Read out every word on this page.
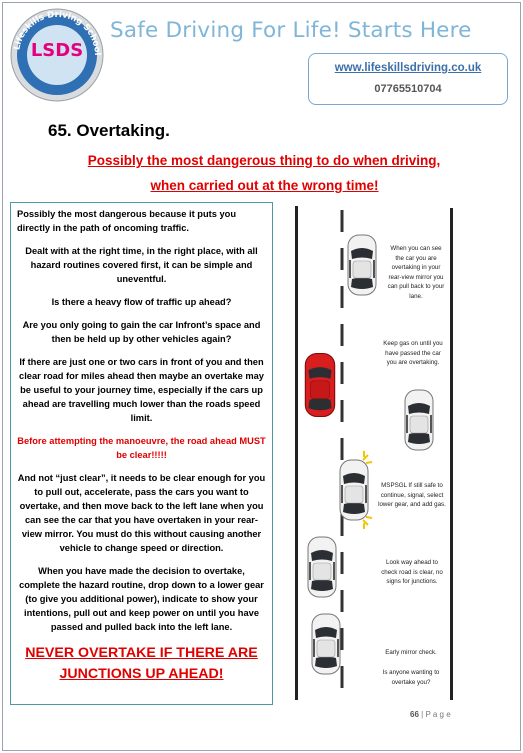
Lifeskills Driving School
LSDS
Safe Driving For Life! Starts Here
www.lifeskillsdriving.co.uk
07765510704
65. Overtaking.
Possibly the most dangerous thing to do when driving,
when carried out at the wrong time!

Possibly the most dangerous because it puts you directly in the path of oncoming traffic.

Dealt with at the right time, in the right place, with all hazard routines covered first, it can be simple and uneventful.

Is there a heavy flow of traffic up ahead?

Are you only going to gain the car Infront’s space and then be held up by other vehicles again?

If there are just one or two cars in front of you and then clear road for miles ahead then maybe an overtake may be useful to your journey time, especially if the cars up ahead are travelling much lower than the roads speed limit.

Before attempting the manoeuvre, the road ahead MUST be clear!!!!!

And not “just clear”, it needs to be clear enough for you to pull out, accelerate, pass the cars you want to overtake, and then move back to the left lane when you can see the car that you have overtaken in your rear-view mirror. You must do this without causing another vehicle to change speed or direction.

When you have made the decision to overtake, complete the hazard routine, drop down to a lower gear (to give you additional power), indicate to show your intentions, pull out and keep power on until you have passed and pulled back into the left lane.

NEVER OVERTAKE IF THERE ARE JUNCTIONS UP AHEAD!

When you can see the car you are overtaking in your rear-view mirror you can pull back to your lane.
Keep gas on until you have passed the car you are overtaking.
MSPSGL If still safe to continue, signal, select lower gear, and add gas.
Look way ahead to check road is clear, no signs for junctions.
Early mirror check.
Is anyone wanting to overtake you?
66 | P a g e
